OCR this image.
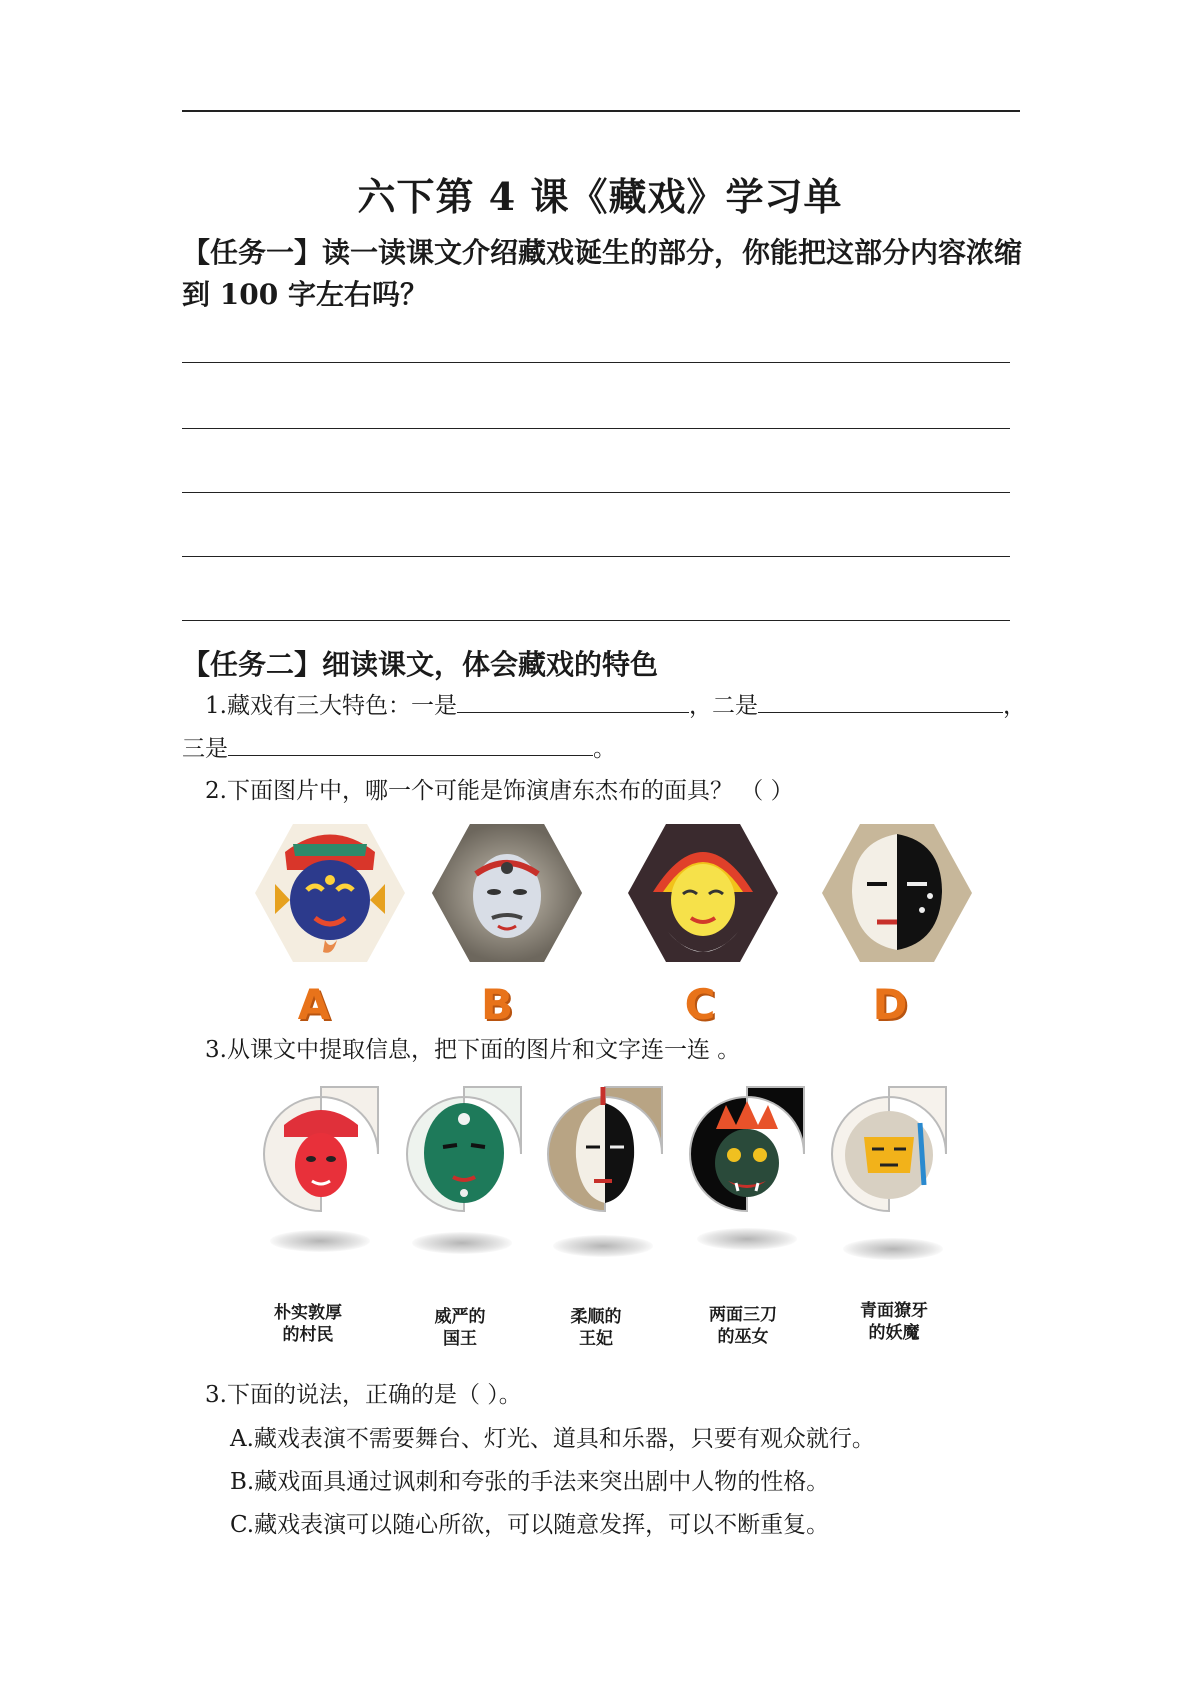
六下第 4 课《藏戏》学习单
【任务一】读一读课文介绍藏戏诞生的部分，你能把这部分内容浓缩
到 100 字左右吗？
【任务二】细读课文，体会藏戏的特色
1.藏戏有三大特色：一是	，二是	，
三是	。
2.下面图片中，哪一个可能是饰演唐东杰布的面具？ （ ）
A	B	C	D
3.从课文中提取信息，把下面的图片和文字连一连 。
朴实敦厚
的村民
威严的
国王
柔顺的
王妃
两面三刀
的巫女
青面獠牙
的妖魔
3.下面的说法，正确的是（ ）。
A.藏戏表演不需要舞台、灯光、道具和乐器，只要有观众就行。
B.藏戏面具通过讽刺和夸张的手法来突出剧中人物的性格。
C.藏戏表演可以随心所欲，可以随意发挥，可以不断重复。
